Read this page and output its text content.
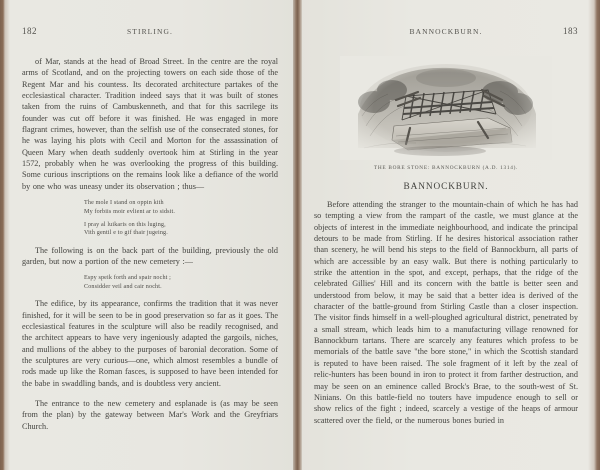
182	STIRLING.

of Mar, stands at the head of Broad Street. In the centre are the royal arms of Scotland, and on the projecting towers on each side those of the Regent Mar and his countess. Its decorated architecture partakes of the ecclesiastical character. Tradition indeed says that it was built of stones taken from the ruins of Cambuskenneth, and that for this sacrilege its founder was cut off before it was finished. He was engaged in more flagrant crimes, however, than the selfish use of the consecrated stones, for he was laying his plots with Cecil and Morton for the assassination of Queen Mary when death suddenly overtook him at Stirling in the year 1572, probably when he was overlooking the progress of this building. Some curious inscriptions on the remains look like a defiance of the world by one who was uneasy under its observation ; thus—

The mole I stand on oppin kith
My forbiis moir evlient ar to sidsit.
I pray al luikaris on this luging,
Vith gentil e to gif thair jugeing.

The following is on the back part of the building, previously the old garden, but now a portion of the new cemetery :—

Espy speik forth and spair nocht ;
Considder veil and cair nocht.

The edifice, by its appearance, confirms the tradition that it was never finished, for it will be seen to be in good preservation so far as it goes. The ecclesiastical features in the sculpture will also be readily recognised, and the architect appears to have very ingeniously adapted the gargoils, niches, and mullions of the abbey to the purposes of baronial decoration. Some of the sculptures are very curious—one, which almost resembles a bundle of rods made up like the Roman fasces, is supposed to have been intended for the babe in swaddling bands, and is doubtless very ancient.

The entrance to the new cemetery and esplanade is (as may be seen from the plan) by the gateway between Mar's Work and the Greyfriars Church.

BANNOCKBURN.	183
THE BORE STONE: BANNOCKBURN (A.D. 1314).
BANNOCKBURN.

Before attending the stranger to the mountain-chain of which he has had so tempting a view from the rampart of the castle, we must glance at the objects of interest in the immediate neighbourhood, and indicate the principal detours to be made from Stirling. If he desires historical association rather than scenery, he will bend his steps to the field of Bannockburn, all parts of which are accessible by an easy walk. But there is nothing particularly to strike the attention in the spot, and except, perhaps, that the ridge of the celebrated Gillies' Hill and its concern with the battle is better seen and understood from below, it may be said that a better idea is derived of the character of the battle-ground from Stirling Castle than a closer inspection. The visitor finds himself in a well-ploughed agricultural district, penetrated by a small stream, which leads him to a manufacturing village renowned for Bannockburn tartans. There are scarcely any features which profess to be memorials of the battle save "the bore stone," in which the Scottish standard is reputed to have been raised. The sole fragment of it left by the zeal of relic-hunters has been bound in iron to protect it from farther destruction, and may be seen on an eminence called Brock's Brae, to the south-west of St. Ninians. On this battle-field no touters have impudence enough to sell or show relics of the fight ; indeed, scarcely a vestige of the heaps of armour scattered over the field, or the numerous bones buried in
